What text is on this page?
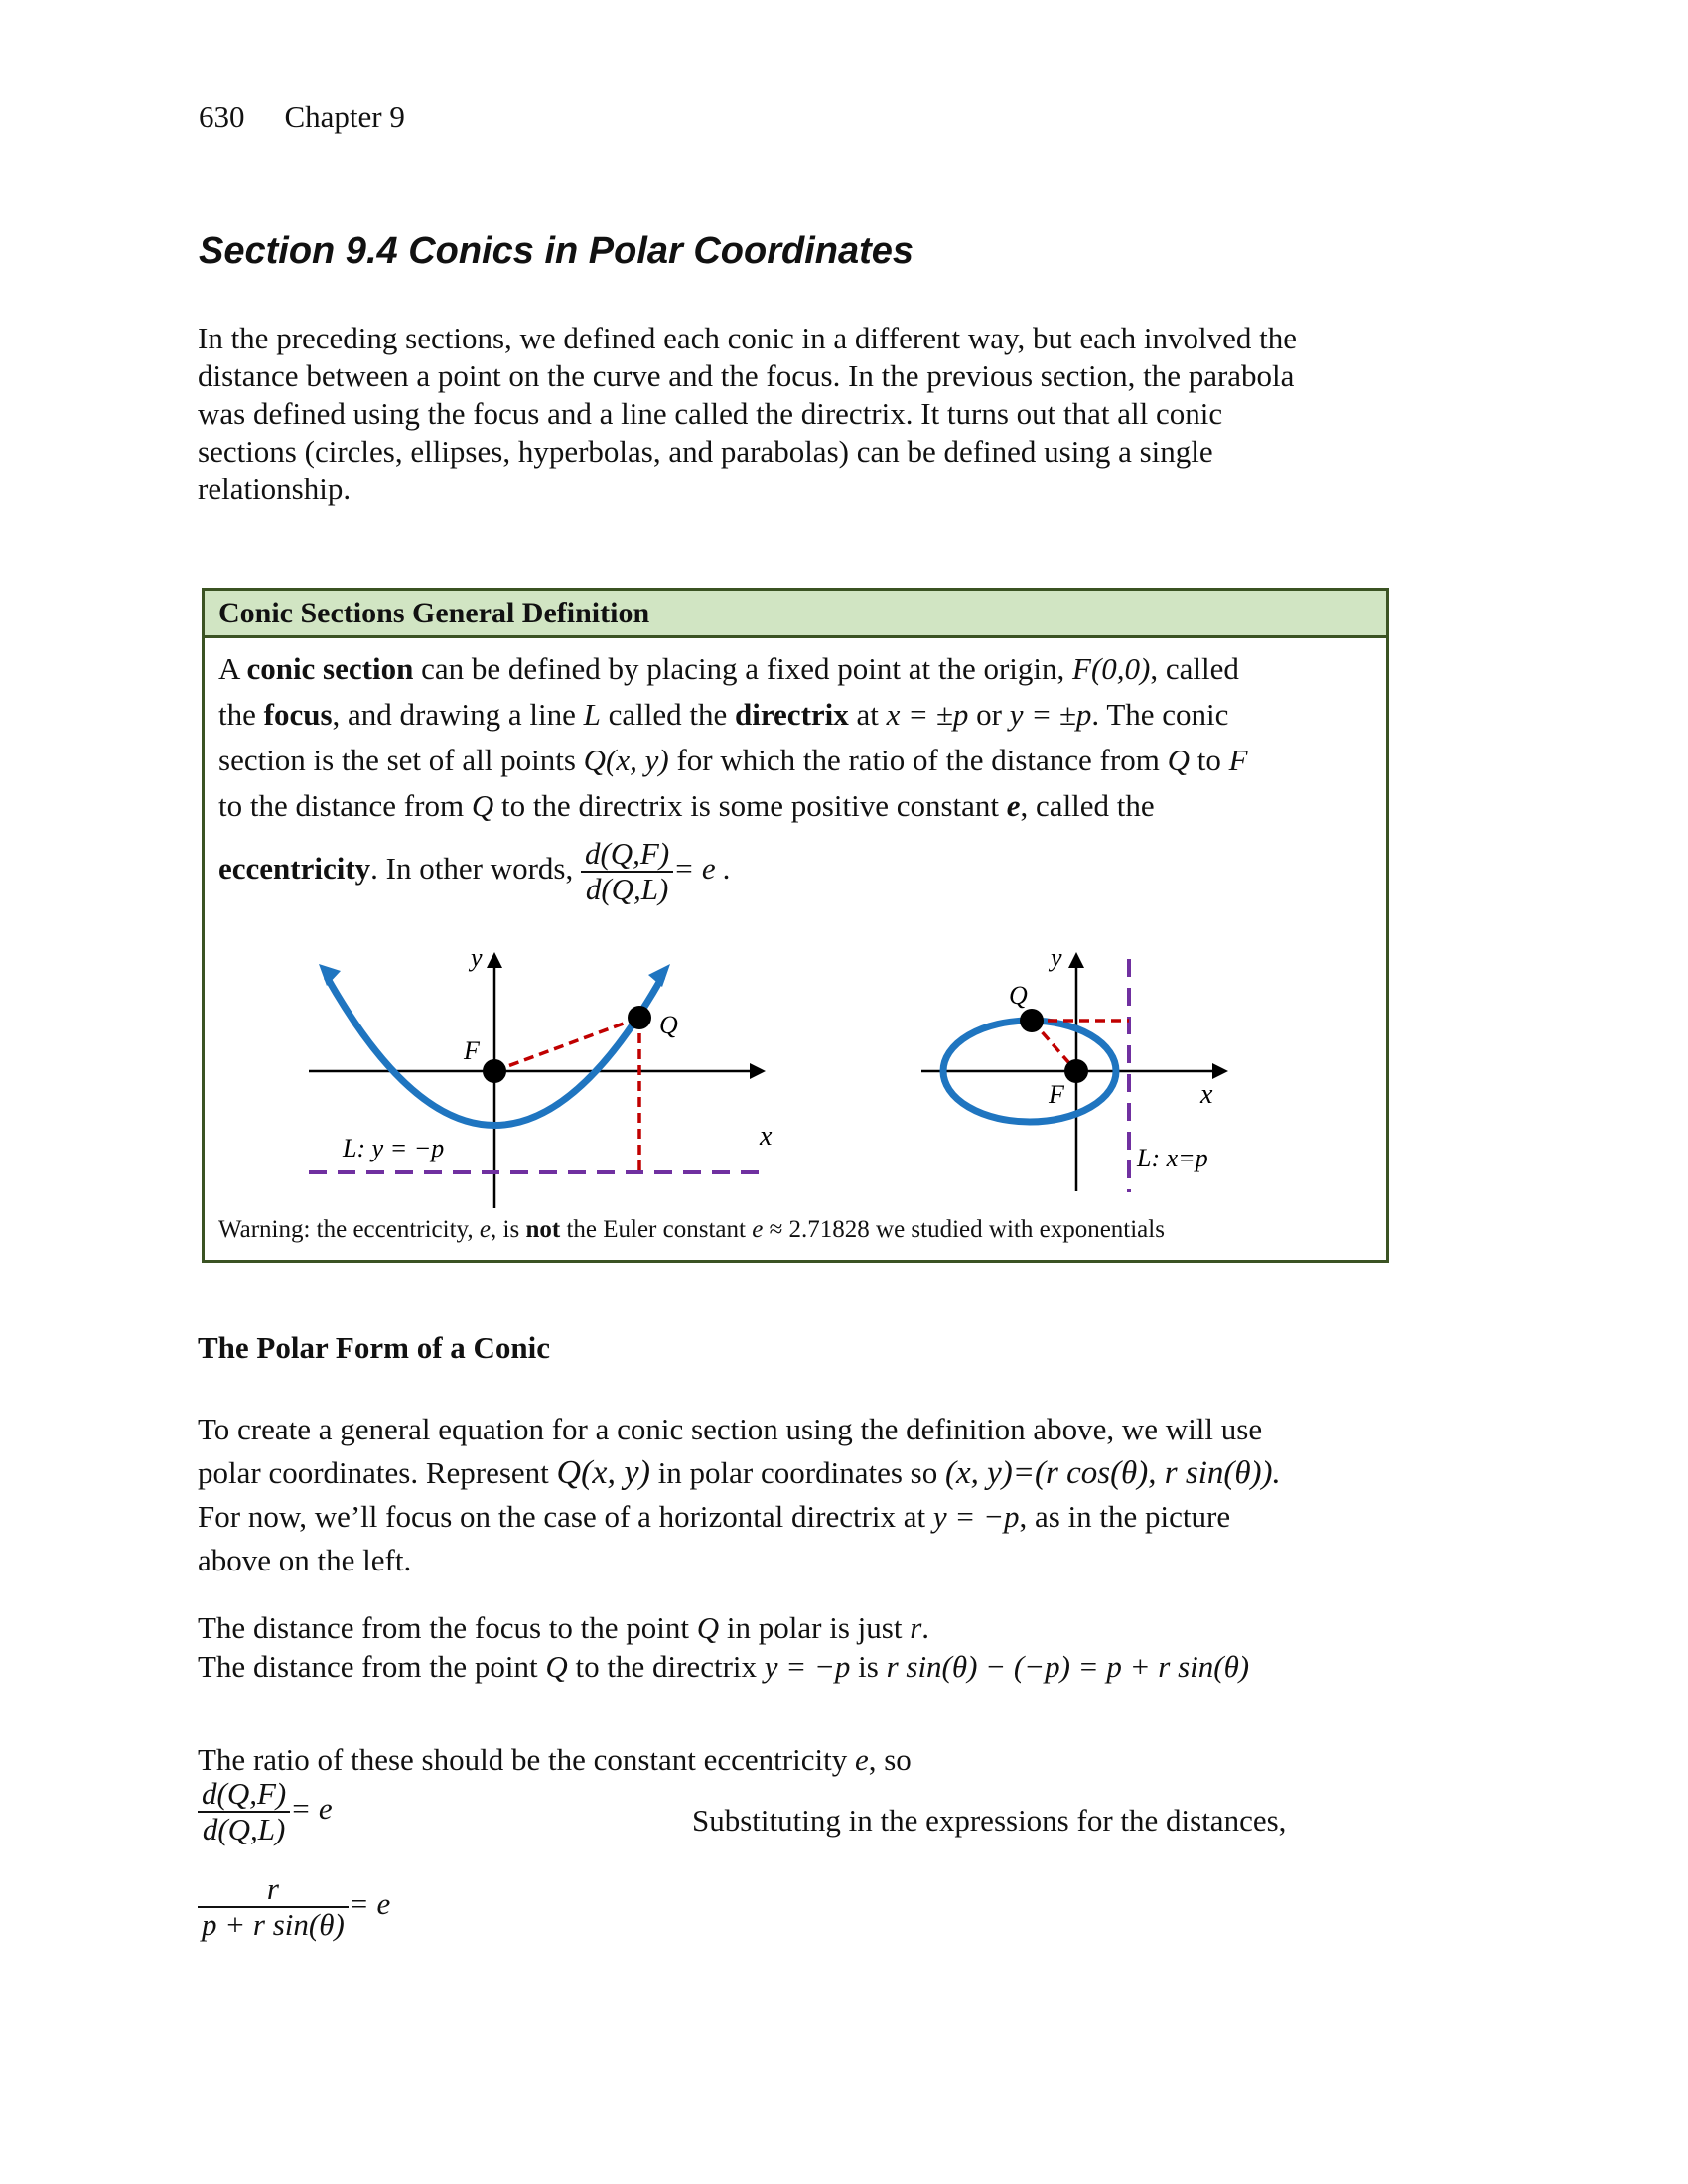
630 Chapter 9
Section 9.4 Conics in Polar Coordinates
In the preceding sections, we defined each conic in a different way, but each involved the
distance between a point on the curve and the focus. In the previous section, the parabola
was defined using the focus and a line called the directrix. It turns out that all conic
sections (circles, ellipses, hyperbolas, and parabolas) can be defined using a single
relationship.
Conic Sections General Definition
A conic section can be defined by placing a fixed point at the origin, F(0,0), called
the focus, and drawing a line L called the directrix at x = ±p or y = ±p. The conic
section is the set of all points Q(x, y) for which the ratio of the distance from Q to F
to the distance from Q to the directrix is some positive constant e, called the
eccentricity. In other words, $\frac{d(Q,F)}{d(Q,L)} = e$ .
y
x
F
Q
L: y = −p
y
x
F
Q
L: x=p
Warning: the eccentricity, e, is not the Euler constant e ≈ 2.71828 we studied with exponentials
The Polar Form of a Conic
To create a general equation for a conic section using the definition above, we will use
polar coordinates. Represent Q(x, y) in polar coordinates so (x, y)=(r cos(θ), r sin(θ)).
For now, we’ll focus on the case of a horizontal directrix at y = −p, as in the picture
above on the left.
The distance from the focus to the point Q in polar is just r.
The distance from the point Q to the directrix y = −p is r sin(θ) − (−p) = p + r sin(θ)
The ratio of these should be the constant eccentricity e, so
$\frac{d(Q,F)}{d(Q,L)} = e$	Substituting in the expressions for the distances,
$\frac{r}{\text{p + r sin(θ)}} = e$
